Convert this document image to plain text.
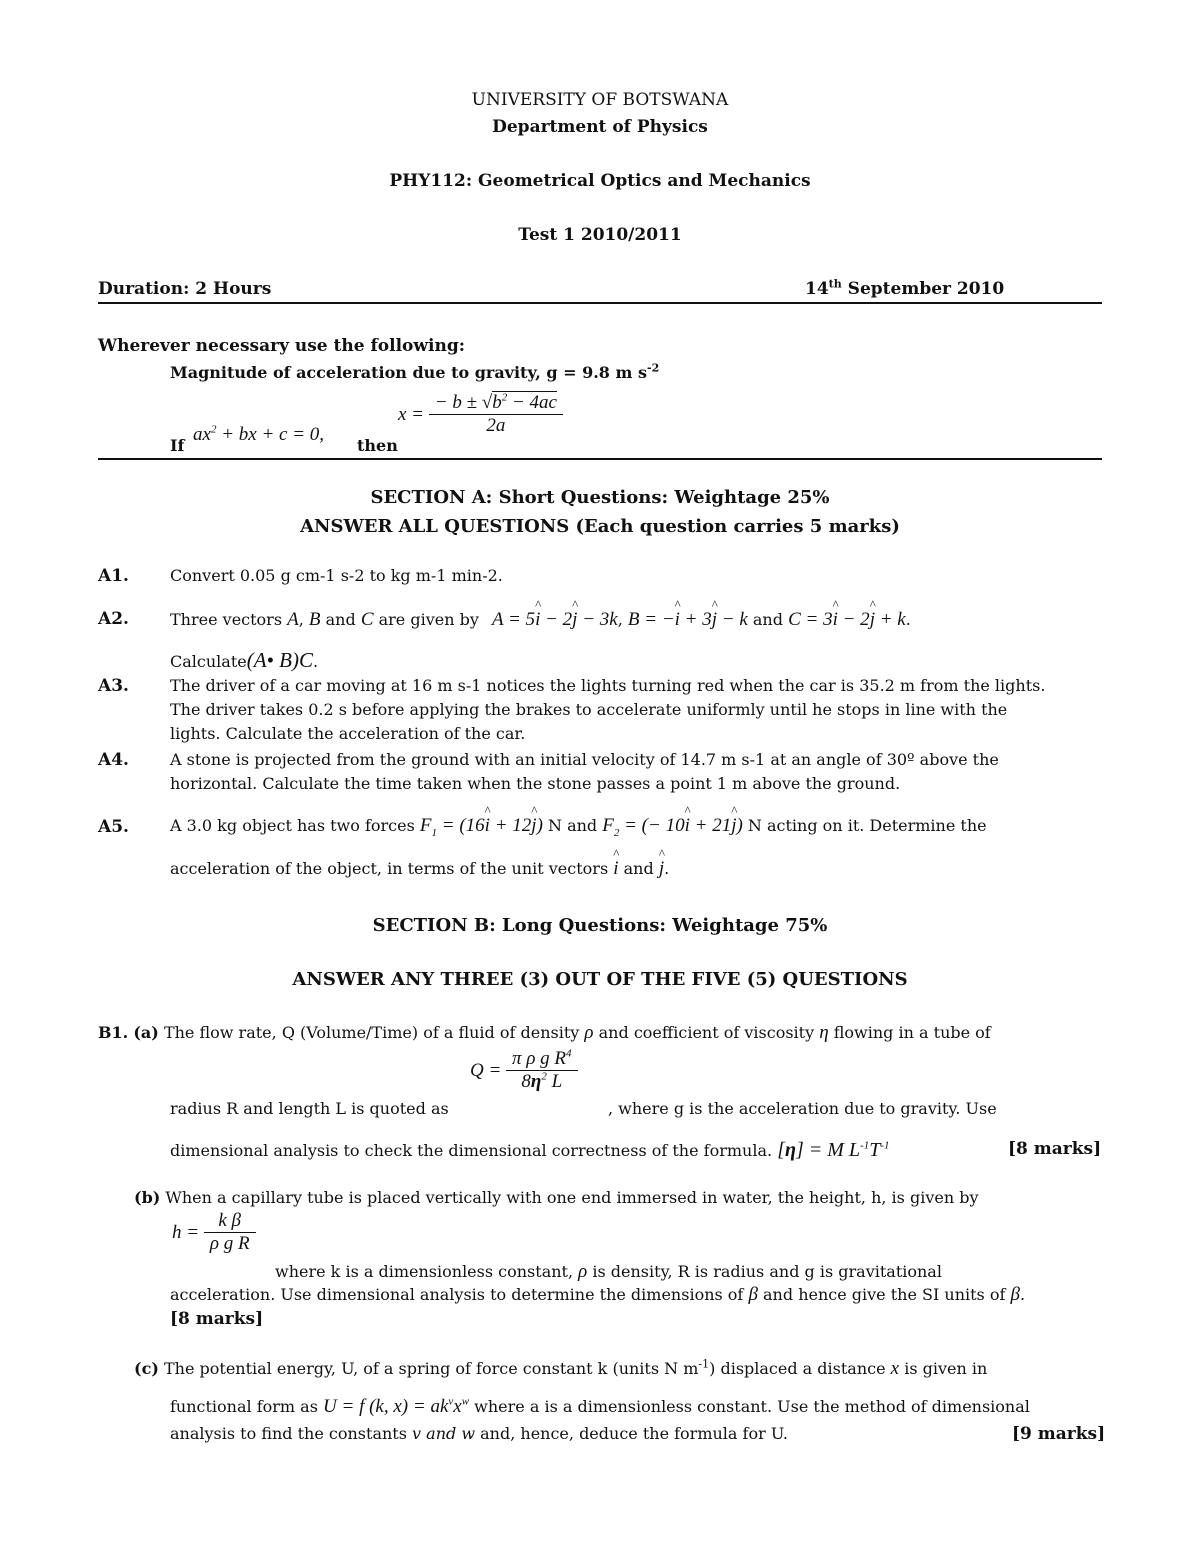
UNIVERSITY OF BOTSWANA
Department of Physics
PHY112: Geometrical Optics and Mechanics
Test 1 2010/2011
Duration: 2 Hours	14th September 2010
Wherever necessary use the following:
Magnitude of acceleration due to gravity, g = 9.8 m $s^{-2}$
If
$ax^2$ + bx + c = 0,
then
$x = \frac{- b \pm √b^2 - 4ac}{2a}$
SECTION A: Short Questions: Weightage 25%
ANSWER ALL QUESTIONS (Each question carries 5 marks)
A1.	Convert 0.05 g cm-1 s-2 to kg m-1 min-2.
A2.	Three vectors A, B and C are given by A = 5^ i − 2^ j − 3k, B = −^ i + 3^ j − k and C = 3^ i − 2^ j + k.
Calculate(A• B)C.
A3.	The driver of a car moving at 16 m s-1 notices the lights turning red when the car is 35.2 m from the lights.
The driver takes 0.2 s before applying the brakes to accelerate uniformly until he stops in line with the
lights. Calculate the acceleration of the car.
A4.	A stone is projected from the ground with an initial velocity of 14.7 m s-1 at an angle of 30º above the
horizontal. Calculate the time taken when the stone passes a point 1 m above the ground.
A5.	A 3.0 kg object has two forces $F_1$ = (16^ i + 12^ j) N and $F_2$ = (− 10^ i + 21^ j) N acting on it. Determine the
acceleration of the object, in terms of the unit vectors ^ i and ^ j.
SECTION B: Long Questions: Weightage 75%
ANSWER ANY THREE (3) OUT OF THE FIVE (5) QUESTIONS
B1. (a) The flow rate, Q (Volume/Time) of a fluid of density ρ and coefficient of viscosity η flowing in a tube of
$Q = \frac{\pi \rho g R^4}{8\eta^2 L}$
radius R and length L is quoted as	, where g is the acceleration due to gravity. Use
dimensional analysis to check the dimensional correctness of the formula. [η] = M $L^{-1}T^{-1}$	[8 marks]
(b) When a capillary tube is placed vertically with one end immersed in water, the height, h, is given by
$h = \frac{\text{k β}}{\text{ρ g R}}$
where k is a dimensionless constant, ρ is density, R is radius and g is gravitational
acceleration. Use dimensional analysis to determine the dimensions of β and hence give the SI units of β.
[8 marks]
(c) The potential energy, U, of a spring of force constant k (units N $m^{-1}$) displaced a distance x is given in
functional form as U = f (k, $x) = ak^vx^w$ where a is a dimensionless constant. Use the method of dimensional
analysis to find the constants v and w and, hence, deduce the formula for U.	[9 marks]
